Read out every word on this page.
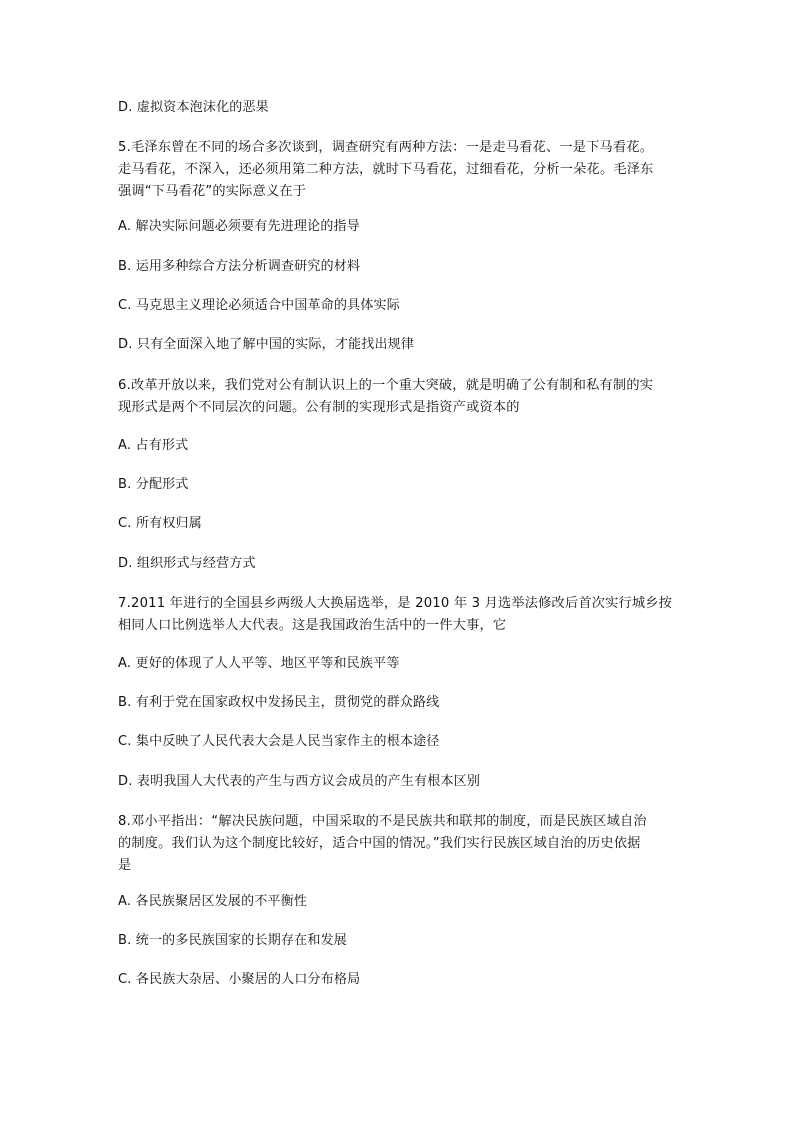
D. 虚拟资本泡沫化的恶果
5.毛泽东曾在不同的场合多次谈到，调查研究有两种方法：一是走马看花、一是下马看花。
走马看花，不深入，还必须用第二种方法，就时下马看花，过细看花，分析一朵花。毛泽东
强调“下马看花”的实际意义在于
A. 解决实际问题必须要有先进理论的指导
B. 运用多种综合方法分析调查研究的材料
C. 马克思主义理论必须适合中国革命的具体实际
D. 只有全面深入地了解中国的实际，才能找出规律
6.改革开放以来，我们党对公有制认识上的一个重大突破，就是明确了公有制和私有制的实
现形式是两个不同层次的问题。公有制的实现形式是指资产或资本的
A. 占有形式
B. 分配形式
C. 所有权归属
D. 组织形式与经营方式
7.2011 年进行的全国县乡两级人大换届选举，是 2010 年 3 月选举法修改后首次实行城乡按
相同人口比例选举人大代表。这是我国政治生活中的一件大事，它
A. 更好的体现了人人平等、地区平等和民族平等
B. 有利于党在国家政权中发扬民主，贯彻党的群众路线
C. 集中反映了人民代表大会是人民当家作主的根本途径
D. 表明我国人大代表的产生与西方议会成员的产生有根本区别
8.邓小平指出：“解决民族问题，中国采取的不是民族共和联邦的制度，而是民族区域自治
的制度。我们认为这个制度比较好，适合中国的情况。”我们实行民族区域自治的历史依据
是
A. 各民族聚居区发展的不平衡性
B. 统一的多民族国家的长期存在和发展
C. 各民族大杂居、小聚居的人口分布格局
